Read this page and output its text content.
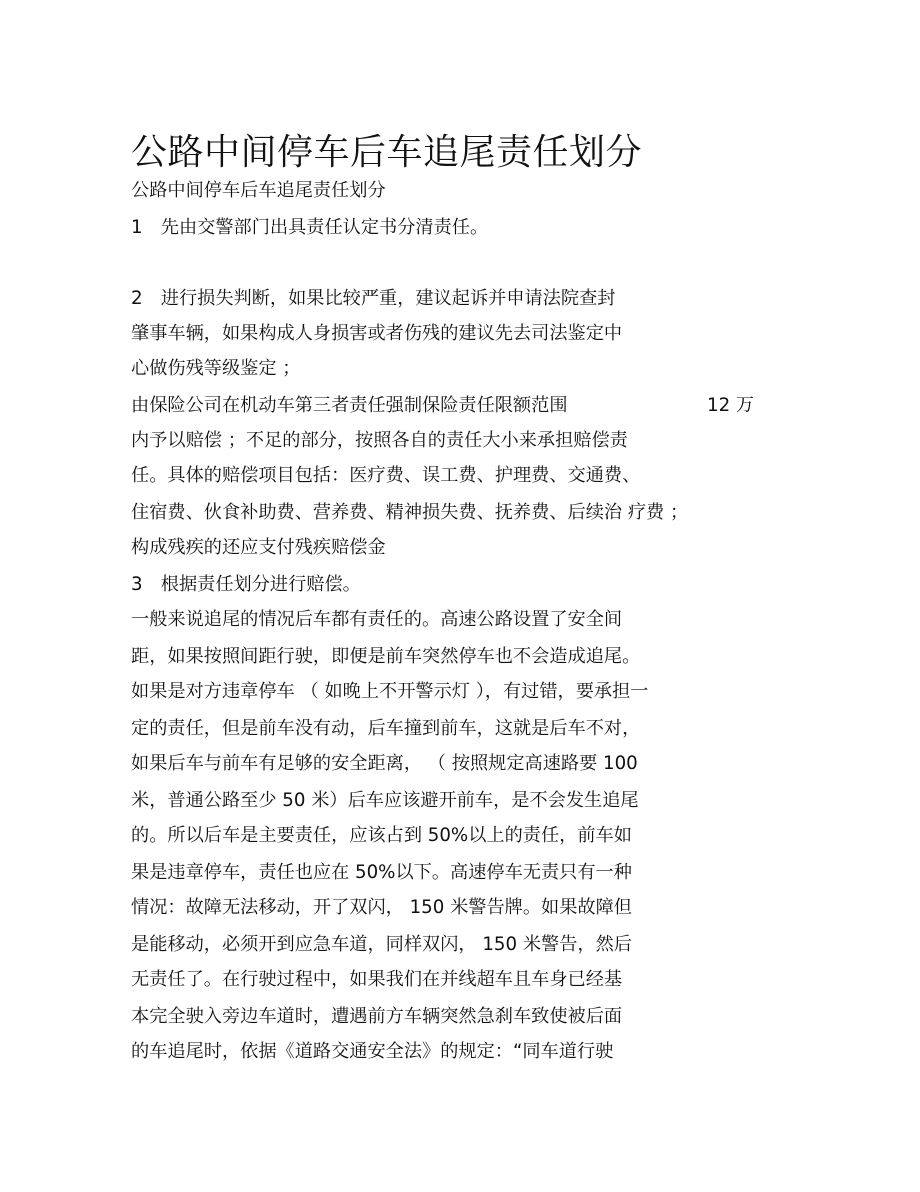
公路中间停车后车追尾责任划分
公路中间停车后车追尾责任划分
1　先由交警部门出具责任认定书分清责任。
2　进行损失判断，如果比较严重，建议起诉并申请法院查封
肇事车辆，如果构成人身损害或者伤残的建议先去司法鉴定中
心做伤残等级鉴定 ；
由保险公司在机动车第三者责任强制保险责任限额范围	12 万
内予以赔偿 ；不足的部分，按照各自的责任大小来承担赔偿责
任。具体的赔偿项目包括：医疗费、误工费、护理费、交通费、
住宿费、伙食补助费、营养费、精神损失费、抚养费、后续治 疗费 ；
构成残疾的还应支付残疾赔偿金
3　根据责任划分进行赔偿。
一般来说追尾的情况后车都有责任的。高速公路设置了安全间
距，如果按照间距行驶，即便是前车突然停车也不会造成追尾。
如果是对方违章停车 （ 如晚上不开警示灯 ），有过错，要承担一
定的责任，但是前车没有动，后车撞到前车，这就是后车不对，
如果后车与前车有足够的安全距离， （ 按照规定高速路要 100
米，普通公路至少 50 米）后车应该避开前车，是不会发生追尾
的。所以后车是主要责任，应该占到 50%以上的责任，前车如
果是违章停车，责任也应在 50%以下。高速停车无责只有一种
情况：故障无法移动，开了双闪， 150 米警告牌。如果故障但
是能移动，必须开到应急车道，同样双闪， 150 米警告，然后
无责任了。在行驶过程中，如果我们在并线超车且车身已经基
本完全驶入旁边车道时，遭遇前方车辆突然急刹车致使被后面
的车追尾时，依据《道路交通安全法》的规定：“同车道行驶
